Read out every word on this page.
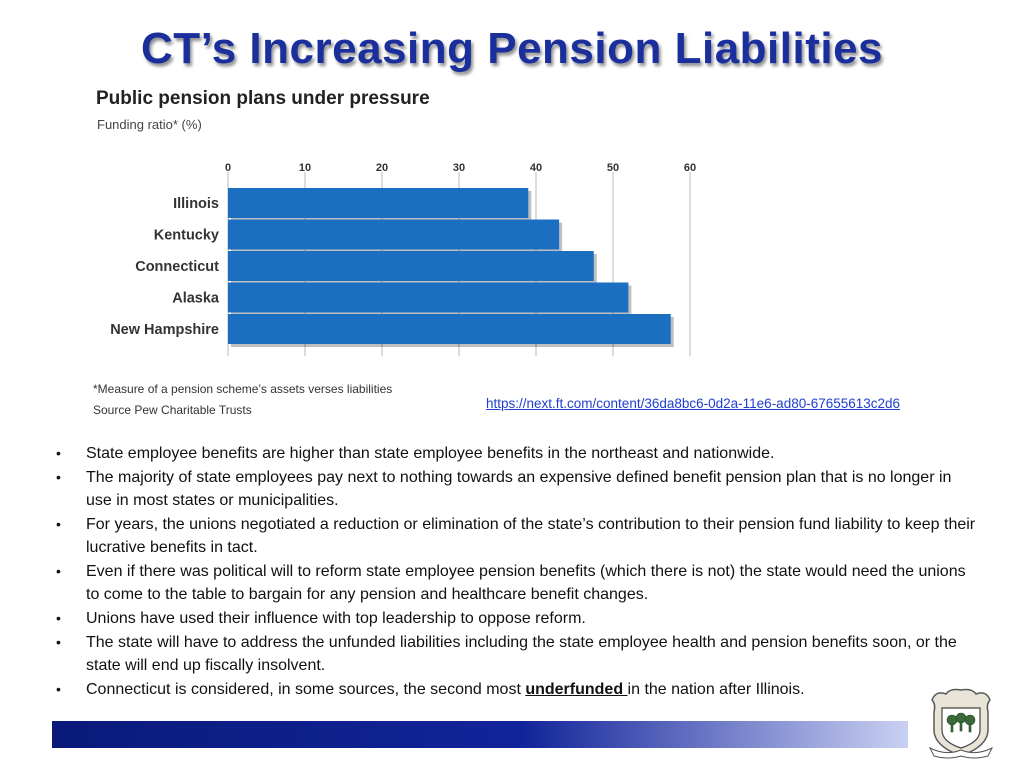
CT’s Increasing Pension Liabilities
Public pension plans under pressure
Funding ratio* (%)
0	10	20	30	40	50	60
Illinois
Kentucky
Connecticut
Alaska
New Hampshire
*Measure of a pension scheme’s assets verses liabilities
Source Pew Charitable Trusts	https://next.ft.com/content/36da8bc6-0d2a-11e6-ad80-67655613c2d6
• State employee benefits are higher than state employee benefits in the northeast and nationwide.
• The majority of state employees pay next to nothing towards an expensive defined benefit pension plan that is no longer in use in most states or municipalities.
• For years, the unions negotiated a reduction or elimination of the state’s contribution to their pension fund liability to keep their lucrative benefits in tact.
• Even if there was political will to reform state employee pension benefits (which there is not) the state would need the unions to come to the table to bargain for any pension and healthcare benefit changes.
• Unions have used their influence with top leadership to oppose reform.
• The state will have to address the unfunded liabilities including the state employee health and pension benefits soon, or the state will end up fiscally insolvent.
• Connecticut is considered, in some sources, the second most underfunded in the nation after Illinois.
